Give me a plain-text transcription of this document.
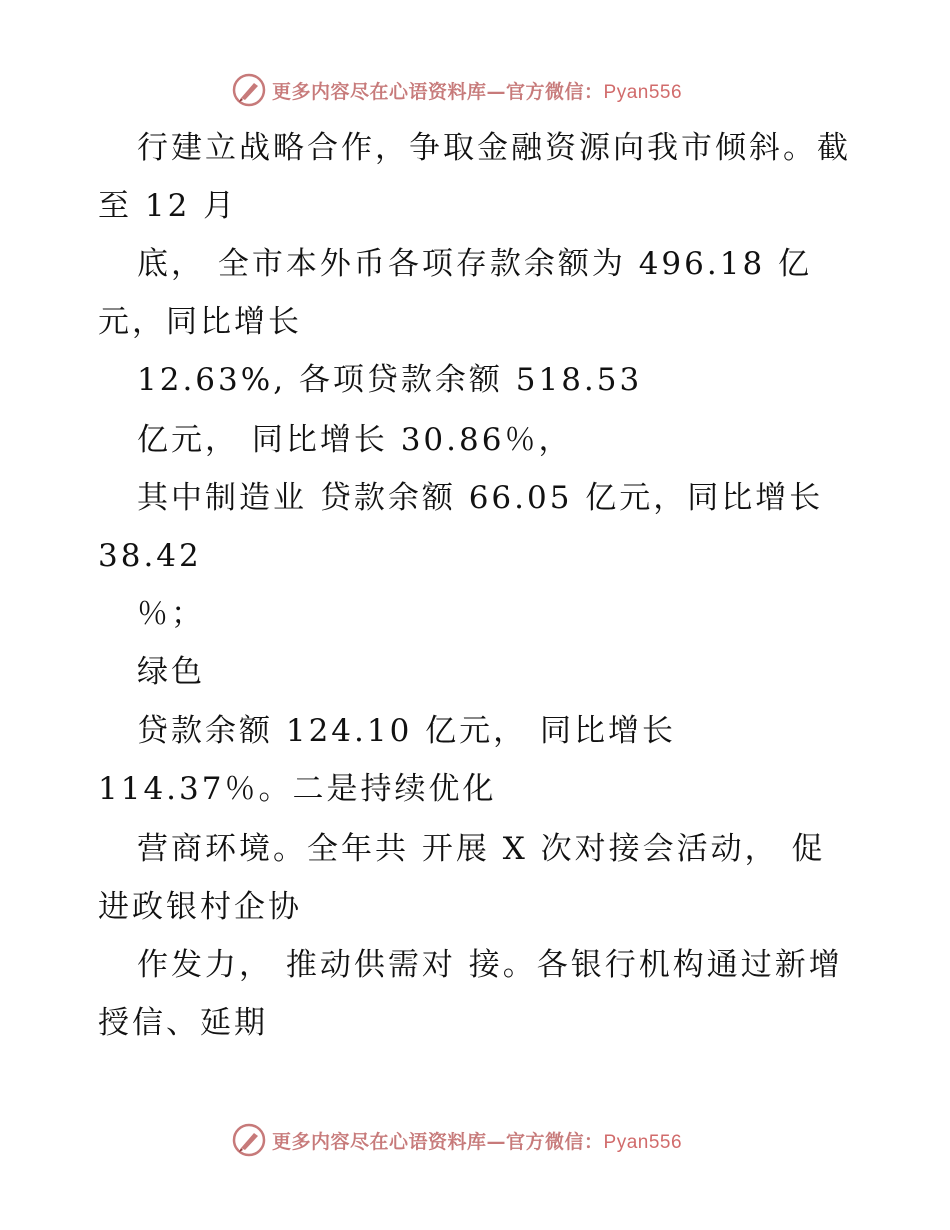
更多内容尽在心语资料库—官方微信：Pyan556
行建立战略合作，争取金融资源向我市倾斜。截
至 12 月
底， 全市本外币各项存款余额为 496.18 亿
元，同比增长
12.63%, 各项贷款余额 518.53
亿元， 同比增长 30.86％，
其中制造业 贷款余额 66.05 亿元，同比增长
38.42
％；
绿色
贷款余额 124.10 亿元， 同比增长
114.37％。二是持续优化
营商环境。全年共 开展 X 次对接会活动， 促
进政银村企协
作发力， 推动供需对 接。各银行机构通过新增
授信、延期
更多内容尽在心语资料库—官方微信：Pyan556
